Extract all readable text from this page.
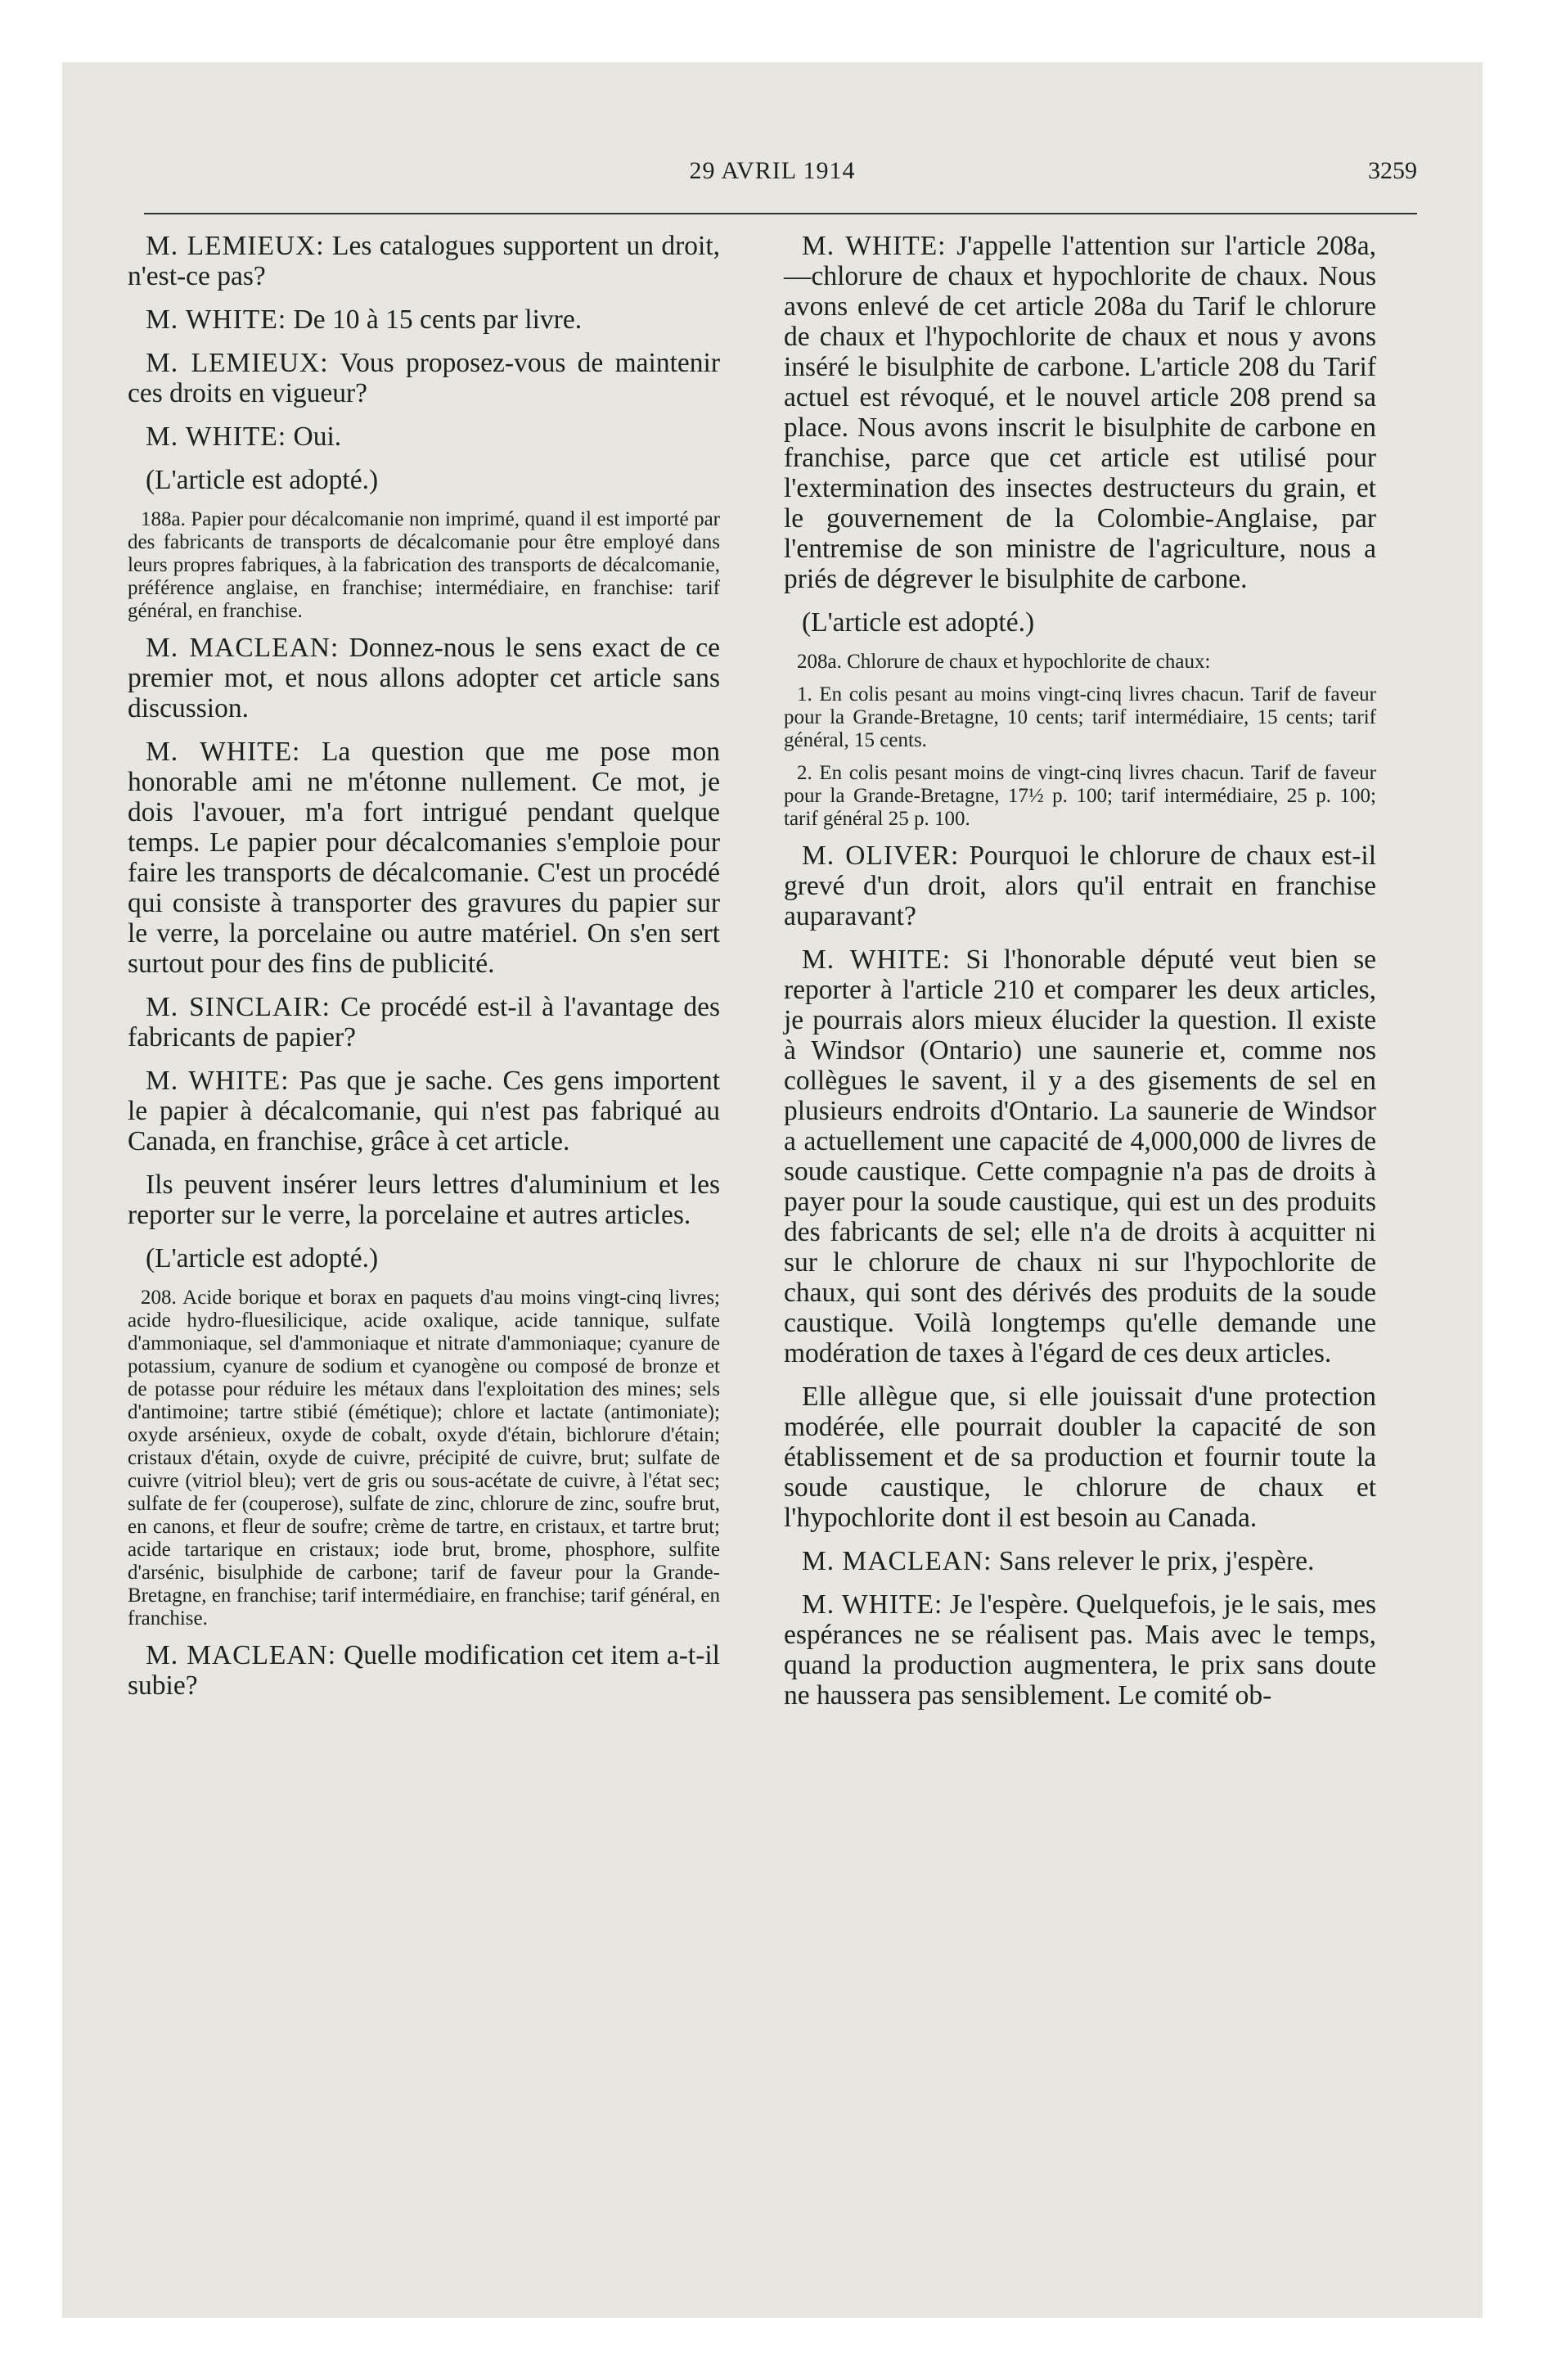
29 AVRIL 1914	3259

M. LEMIEUX: Les catalogues supportent un droit, n'est-ce pas?

M. WHITE: De 10 à 15 cents par livre.

M. LEMIEUX: Vous proposez-vous de maintenir ces droits en vigueur?

M. WHITE: Oui.

(L'article est adopté.)

188a. Papier pour décalcomanie non imprimé, quand il est importé par des fabricants de transports de décalcomanie pour être employé dans leurs propres fabriques, à la fabrication des transports de décalcomanie, préférence anglaise, en franchise; intermédiaire, en franchise: tarif général, en franchise.

M. MACLEAN: Donnez-nous le sens exact de ce premier mot, et nous allons adopter cet article sans discussion.

M. WHITE: La question que me pose mon honorable ami ne m'étonne nullement. Ce mot, je dois l'avouer, m'a fort intrigué pendant quelque temps. Le papier pour décalcomanies s'emploie pour faire les transports de décalcomanie. C'est un procédé qui consiste à transporter des gravures du papier sur le verre, la porcelaine ou autre matériel. On s'en sert surtout pour des fins de publicité.

M. SINCLAIR: Ce procédé est-il à l'avantage des fabricants de papier?

M. WHITE: Pas que je sache. Ces gens importent le papier à décalcomanie, qui n'est pas fabriqué au Canada, en franchise, grâce à cet article.

Ils peuvent insérer leurs lettres d'aluminium et les reporter sur le verre, la porcelaine et autres articles.

(L'article est adopté.)

208. Acide borique et borax en paquets d'au moins vingt-cinq livres; acide hydro-fluesilicique, acide oxalique, acide tannique, sulfate d'ammoniaque, sel d'ammoniaque et nitrate d'ammoniaque; cyanure de potassium, cyanure de sodium et cyanogène ou composé de bronze et de potasse pour réduire les métaux dans l'exploitation des mines; sels d'antimoine; tartre stibié (émétique); chlore et lactate (antimoniate); oxyde arsénieux, oxyde de cobalt, oxyde d'étain, bichlorure d'étain; cristaux d'étain, oxyde de cuivre, précipité de cuivre, brut; sulfate de cuivre (vitriol bleu); vert de gris ou sous-acétate de cuivre, à l'état sec; sulfate de fer (couperose), sulfate de zinc, chlorure de zinc, soufre brut, en canons, et fleur de soufre; crème de tartre, en cristaux, et tartre brut; acide tartarique en cristaux; iode brut, brome, phosphore, sulfite d'arsénic, bisulphide de carbone; tarif de faveur pour la Grande-Bretagne, en franchise; tarif intermédiaire, en franchise; tarif général, en franchise.

M. MACLEAN: Quelle modification cet item a-t-il subie?

M. WHITE: J'appelle l'attention sur l'article 208a,—chlorure de chaux et hypochlorite de chaux. Nous avons enlevé de cet article 208a du Tarif le chlorure de chaux et l'hypochlorite de chaux et nous y avons inséré le bisulphite de carbone. L'article 208 du Tarif actuel est révoqué, et le nouvel article 208 prend sa place. Nous avons inscrit le bisulphite de carbone en franchise, parce que cet article est utilisé pour l'extermination des insectes destructeurs du grain, et le gouvernement de la Colombie-Anglaise, par l'entremise de son ministre de l'agriculture, nous a priés de dégrever le bisulphite de carbone.

(L'article est adopté.)

208a. Chlorure de chaux et hypochlorite de chaux:

1. En colis pesant au moins vingt-cinq livres chacun. Tarif de faveur pour la Grande-Bretagne, 10 cents; tarif intermédiaire, 15 cents; tarif général, 15 cents.

2. En colis pesant moins de vingt-cinq livres chacun. Tarif de faveur pour la Grande-Bretagne, 17½ p. 100; tarif intermédiaire, 25 p. 100; tarif général 25 p. 100.

M. OLIVER: Pourquoi le chlorure de chaux est-il grevé d'un droit, alors qu'il entrait en franchise auparavant?

M. WHITE: Si l'honorable député veut bien se reporter à l'article 210 et comparer les deux articles, je pourrais alors mieux élucider la question. Il existe à Windsor (Ontario) une saunerie et, comme nos collègues le savent, il y a des gisements de sel en plusieurs endroits d'Ontario. La saunerie de Windsor a actuellement une capacité de 4,000,000 de livres de soude caustique. Cette compagnie n'a pas de droits à payer pour la soude caustique, qui est un des produits des fabricants de sel; elle n'a de droits à acquitter ni sur le chlorure de chaux ni sur l'hypochlorite de chaux, qui sont des dérivés des produits de la soude caustique. Voilà longtemps qu'elle demande une modération de taxes à l'égard de ces deux articles.

Elle allègue que, si elle jouissait d'une protection modérée, elle pourrait doubler la capacité de son établissement et de sa production et fournir toute la soude caustique, le chlorure de chaux et l'hypochlorite dont il est besoin au Canada.

M. MACLEAN: Sans relever le prix, j'espère.

M. WHITE: Je l'espère. Quelquefois, je le sais, mes espérances ne se réalisent pas. Mais avec le temps, quand la production augmentera, le prix sans doute ne haussera pas sensiblement. Le comité ob-
